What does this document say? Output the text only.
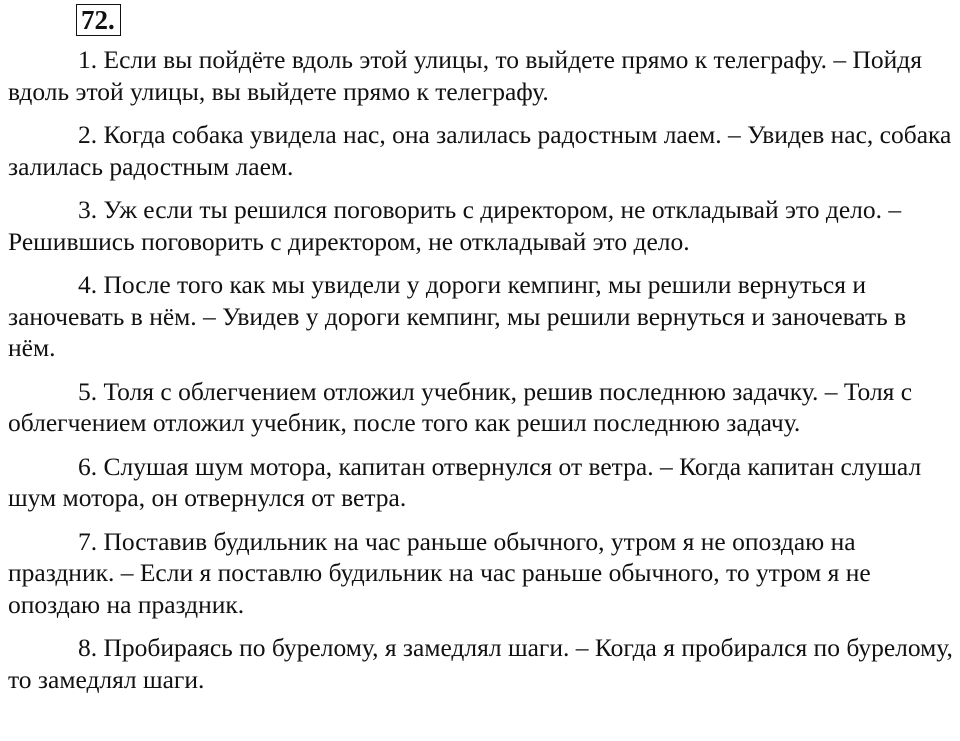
72.

1. Если вы пойдёте вдоль этой улицы, то выйдете прямо к телеграфу. – Пойдя вдоль этой улицы, вы выйдете прямо к телеграфу.

2. Когда собака увидела нас, она залилась радостным лаем. – Увидев нас, собака залилась радостным лаем.

3. Уж если ты решился поговорить с директором, не откладывай это дело. – Решившись поговорить с директором, не откладывай это дело.

4. После того как мы увидели у дороги кемпинг, мы решили вернуться и заночевать в нём. – Увидев у дороги кемпинг, мы решили вернуться и заночевать в нём.

5. Толя с облегчением отложил учебник, решив последнюю задачку. – Толя с облегчением отложил учебник, после того как решил последнюю задачу.

6. Слушая шум мотора, капитан отвернулся от ветра. – Когда капитан слушал шум мотора, он отвернулся от ветра.

7. Поставив будильник на час раньше обычного, утром я не опоздаю на праздник. – Если я поставлю будильник на час раньше обычного, то утром я не опоздаю на праздник.

8. Пробираясь по бурелому, я замедлял шаги. – Когда я пробирался по бурелому, то замедлял шаги.
